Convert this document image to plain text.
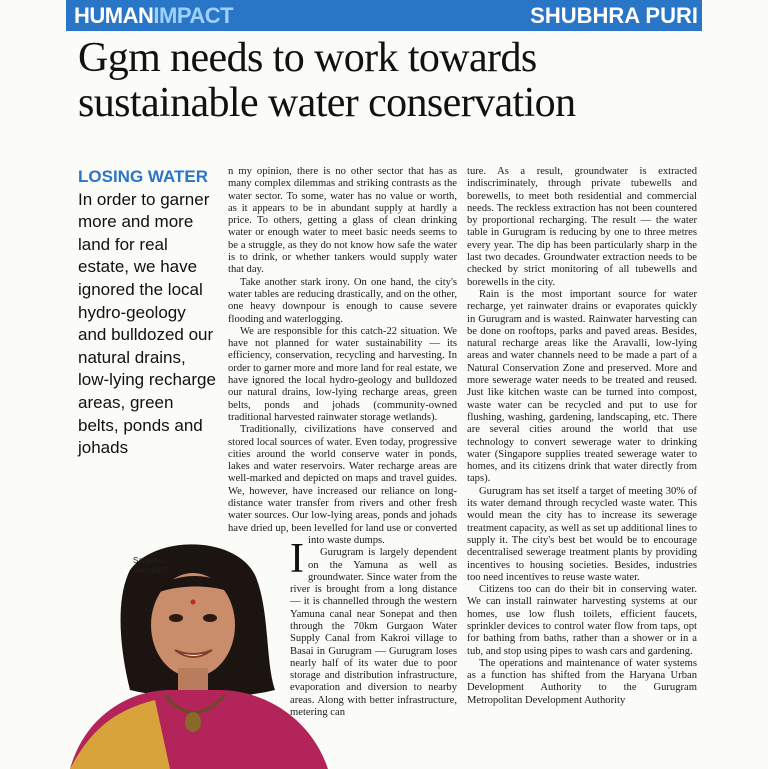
HUMANIMPACT	SHUBHRA PURI
Ggm needs to work towards sustainable water conservation
LOSING WATER In order to garner more and more land for real estate, we have ignored the local hydro-geology and bulldozed our natural drains, low-lying recharge areas, green belts, ponds and johads
Sanjeev Verma/HT	I
n my opinion, there is no other sector that has as many complex dilemmas and striking contrasts as the water sector. To some, water has no value or worth, as it appears to be in abundant supply at hardly a price. To others, getting a glass of clean drinking water or enough water to meet basic needs seems to be a struggle, as they do not know how safe the water is to drink, or whether tankers would supply water that day.

Take another stark irony. On one hand, the city's water tables are reducing drastically, and on the other, one heavy downpour is enough to cause severe flooding and waterlogging.

We are responsible for this catch-22 situation. We have not planned for water sustainability — its efficiency, conservation, recycling and harvesting. In order to garner more and more land for real estate, we have ignored the local hydro-geology and bulldozed our natural drains, low-lying recharge areas, green belts, ponds and johads (community-owned traditional harvested rainwater storage wetlands).

Traditionally, civilizations have conserved and stored local sources of water. Even today, progressive cities around the world conserve water in ponds, lakes and water reservoirs. Water recharge areas are well-marked and depicted on maps and travel guides. We, however, have increased our reliance on long-distance water transfer from rivers and other fresh water sources. Our low-lying areas, ponds and johads have dried up, been levelled for land use or converted into waste dumps.

Gurugram is largely dependent on the Yamuna as well as groundwater. Since water from the river is brought from a long distance — it is channelled through the western Yamuna canal near Sonepat and then through the 70km Gurgaon Water Supply Canal from Kakroi village to Basai in Gurugram — Gurugram loses nearly half of its water due to poor storage and distribution infrastructure, evaporation and diversion to nearby areas. Along with better infrastructure, metering can

ture. As a result, groundwater is extracted indiscriminately, through private tubewells and borewells, to meet both residential and commercial needs. The reckless extraction has not been countered by proportional recharging. The result — the water table in Gurugram is reducing by one to three metres every year. The dip has been particularly sharp in the last two decades. Groundwater extraction needs to be checked by strict monitoring of all tubewells and borewells in the city.

Rain is the most important source for water recharge, yet rainwater drains or evaporates quickly in Gurugram and is wasted. Rainwater harvesting can be done on rooftops, parks and paved areas. Besides, natural recharge areas like the Aravalli, low-lying areas and water channels need to be made a part of a Natural Conservation Zone and preserved. More and more sewerage water needs to be treated and reused. Just like kitchen waste can be turned into compost, waste water can be recycled and put to use for flushing, washing, gardening, landscaping, etc. There are several cities around the world that use technology to convert sewerage water to drinking water (Singapore supplies treated sewerage water to homes, and its citizens drink that water directly from taps).

Gurugram has set itself a target of meeting 30% of its water demand through recycled waste water. This would mean the city has to increase its sewerage treatment capacity, as well as set up additional lines to supply it. The city's best bet would be to encourage decentralised sewerage treatment plants by providing incentives to housing societies. Besides, industries too need incentives to reuse waste water.

Citizens too can do their bit in conserving water. We can install rainwater harvesting systems at our homes, use low flush toilets, efficient faucets, sprinkler devices to control water flow from taps, opt for bathing from baths, rather than a shower or in a tub, and stop using pipes to wash cars and gardening.

The operations and maintenance of water systems as a function has shifted from the Haryana Urban Development Authority to the Gurugram Metropolitan Development Authority
